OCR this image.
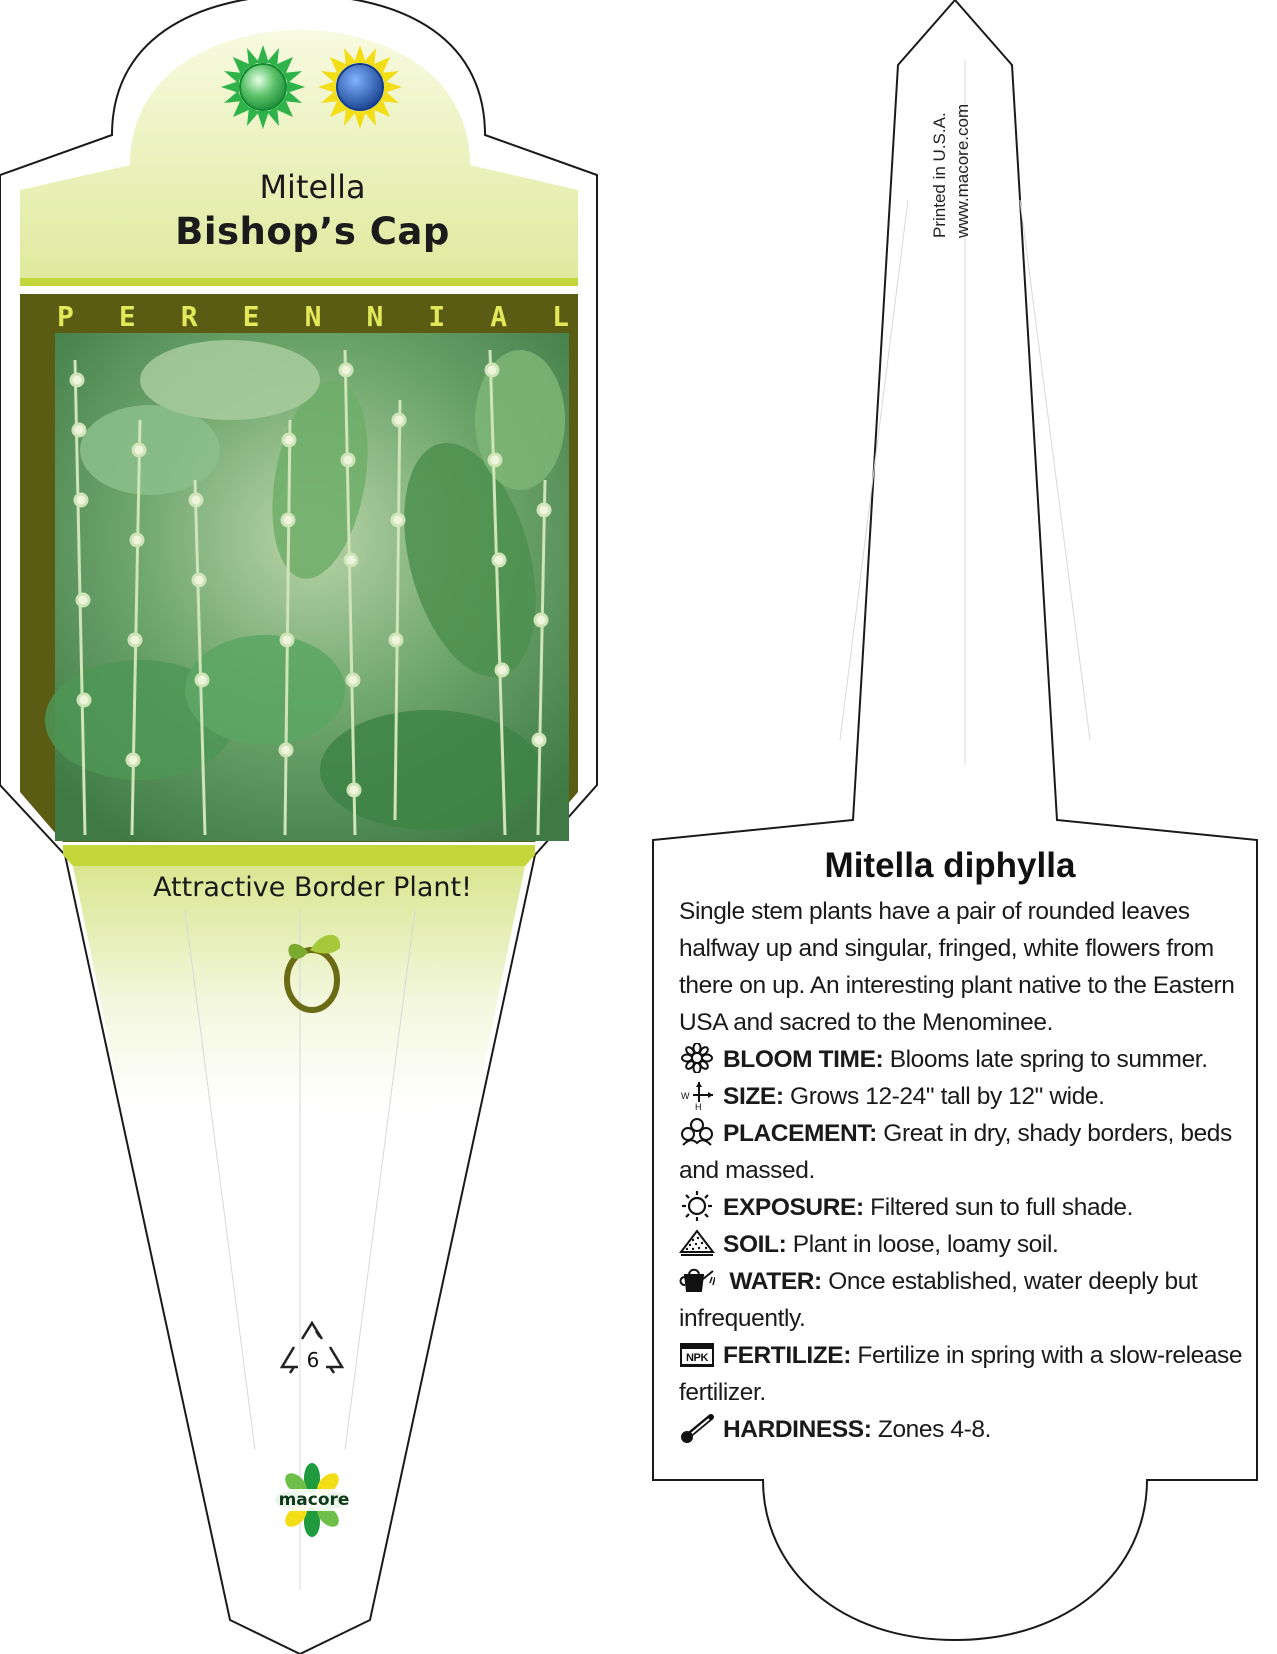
Mitella
Bishop’s Cap
P E R E N N I A L
Attractive Border Plant!
6
macore
Printed in U.S.A. www.macore.com
Mitella diphylla

Single stem plants have a pair of rounded leaves halfway up and singular, fringed, white flowers from there on up. An interesting plant native to the Eastern USA and sacred to the Menominee.

BLOOM TIME: Blooms late spring to summer.

W
H SIZE: Grows 12-24" tall by 12" wide.

PLACEMENT: Great in dry, shady borders, beds and massed.

EXPOSURE: Filtered sun to full shade.

SOIL: Plant in loose, loamy soil.

WATER: Once established, water deeply but infrequently.

NPK FERTILIZE: Fertilize in spring with a slow-release fertilizer.

HARDINESS: Zones 4-8.
